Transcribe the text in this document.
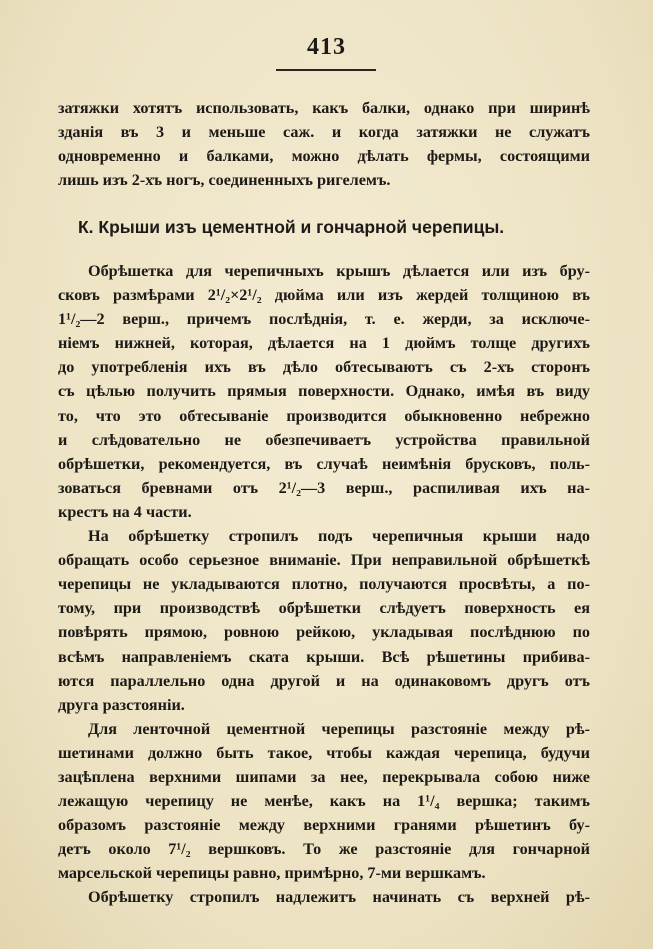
413
затяжки хотятъ использовать, какъ балки, однако при ширинѣ
зданія въ 3 и меньше саж. и когда затяжки не служатъ
одновременно и балками, можно дѣлать фермы, состоящими
лишь изъ 2-хъ ногъ, соединенныхъ ригелемъ.
К. Крыши изъ цементной и гончарной черепицы.
Обрѣшетка для черепичныхъ крышъ дѣлается или изъ бру-
сковъ размѣрами 2¹/₂×2¹/₂ дюйма или изъ жердей толщиною въ
1¹/₂—2 верш., причемъ послѣднія, т. е. жерди, за исключе-
ніемъ нижней, которая, дѣлается на 1 дюймъ толще другихъ
до употребленія ихъ въ дѣло обтесываютъ съ 2-хъ сторонъ
съ цѣлью получить прямыя поверхности. Однако, имѣя въ виду
то, что это обтесываніе производится обыкновенно небрежно
и слѣдовательно не обезпечиваетъ устройства правильной
обрѣшетки, рекомендуется, въ случаѣ неимѣнія брусковъ, поль-
зоваться бревнами отъ 2¹/₂—3 верш., распиливая ихъ на-
крестъ на 4 части.
На обрѣшетку стропилъ подъ черепичныя крыши надо
обращать особо серьезное вниманіе. При неправильной обрѣшеткѣ
черепицы не укладываются плотно, получаются просвѣты, а по-
тому, при производствѣ обрѣшетки слѣдуетъ поверхность ея
повѣрять прямою, ровною рейкою, укладывая послѣднюю по
всѣмъ направленіемъ ската крыши. Всѣ рѣшетины прибива-
ются параллельно одна другой и на одинаковомъ другъ отъ
друга разстояніи.
Для ленточной цементной черепицы разстояніе между рѣ-
шетинами должно быть такое, чтобы каждая черепица, будучи
зацѣплена верхними шипами за нее, перекрывала собою ниже
лежащую черепицу не менѣе, какъ на 1¹/₄ вершка; такимъ
образомъ разстояніе между верхними гранями рѣшетинъ бу-
детъ около 7¹/₂ вершковъ. То же разстояніе для гончарной
марсельской черепицы равно, примѣрно, 7-ми вершкамъ.
Обрѣшетку стропилъ надлежитъ начинать съ верхней рѣ-
